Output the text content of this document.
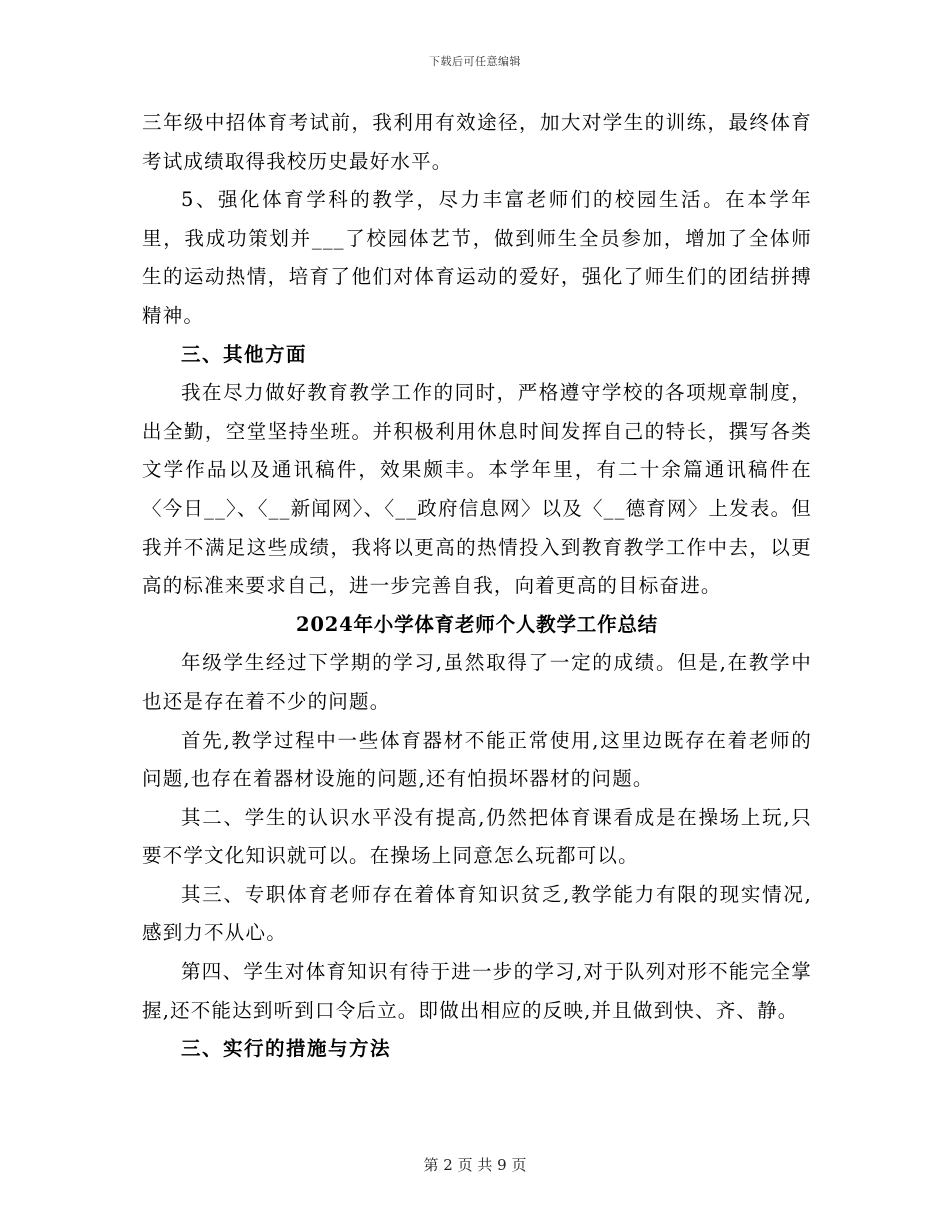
下载后可任意编辑

三年级中招体育考试前，我利用有效途径，加大对学生的训练，最终体育考试成绩取得我校历史最好水平。

5、强化体育学科的教学，尽力丰富老师们的校园生活。在本学年里，我成功策划并___了校园体艺节，做到师生全员参加，增加了全体师生的运动热情，培育了他们对体育运动的爱好，强化了师生们的团结拼搏精神。

三、其他方面

我在尽力做好教育教学工作的同时，严格遵守学校的各项规章制度，出全勤，空堂坚持坐班。并积极利用休息时间发挥自己的特长，撰写各类文学作品以及通讯稿件，效果颇丰。本学年里，有二十余篇通讯稿件在〈今日__〉、〈__新闻网〉、〈__政府信息网〉以及〈__德育网〉上发表。但我并不满足这些成绩，我将以更高的热情投入到教育教学工作中去，以更高的标准来要求自己，进一步完善自我，向着更高的目标奋进。

2024年小学体育老师个人教学工作总结

年级学生经过下学期的学习,虽然取得了一定的成绩。但是,在教学中也还是存在着不少的问题。

首先,教学过程中一些体育器材不能正常使用,这里边既存在着老师的问题,也存在着器材设施的问题,还有怕损坏器材的问题。

其二、学生的认识水平没有提高,仍然把体育课看成是在操场上玩,只要不学文化知识就可以。在操场上同意怎么玩都可以。

其三、专职体育老师存在着体育知识贫乏,教学能力有限的现实情况,感到力不从心。

第四、学生对体育知识有待于进一步的学习,对于队列对形不能完全掌握,还不能达到听到口令后立。即做出相应的反映,并且做到快、齐、静。

三、实行的措施与方法

第 2 页 共 9 页
